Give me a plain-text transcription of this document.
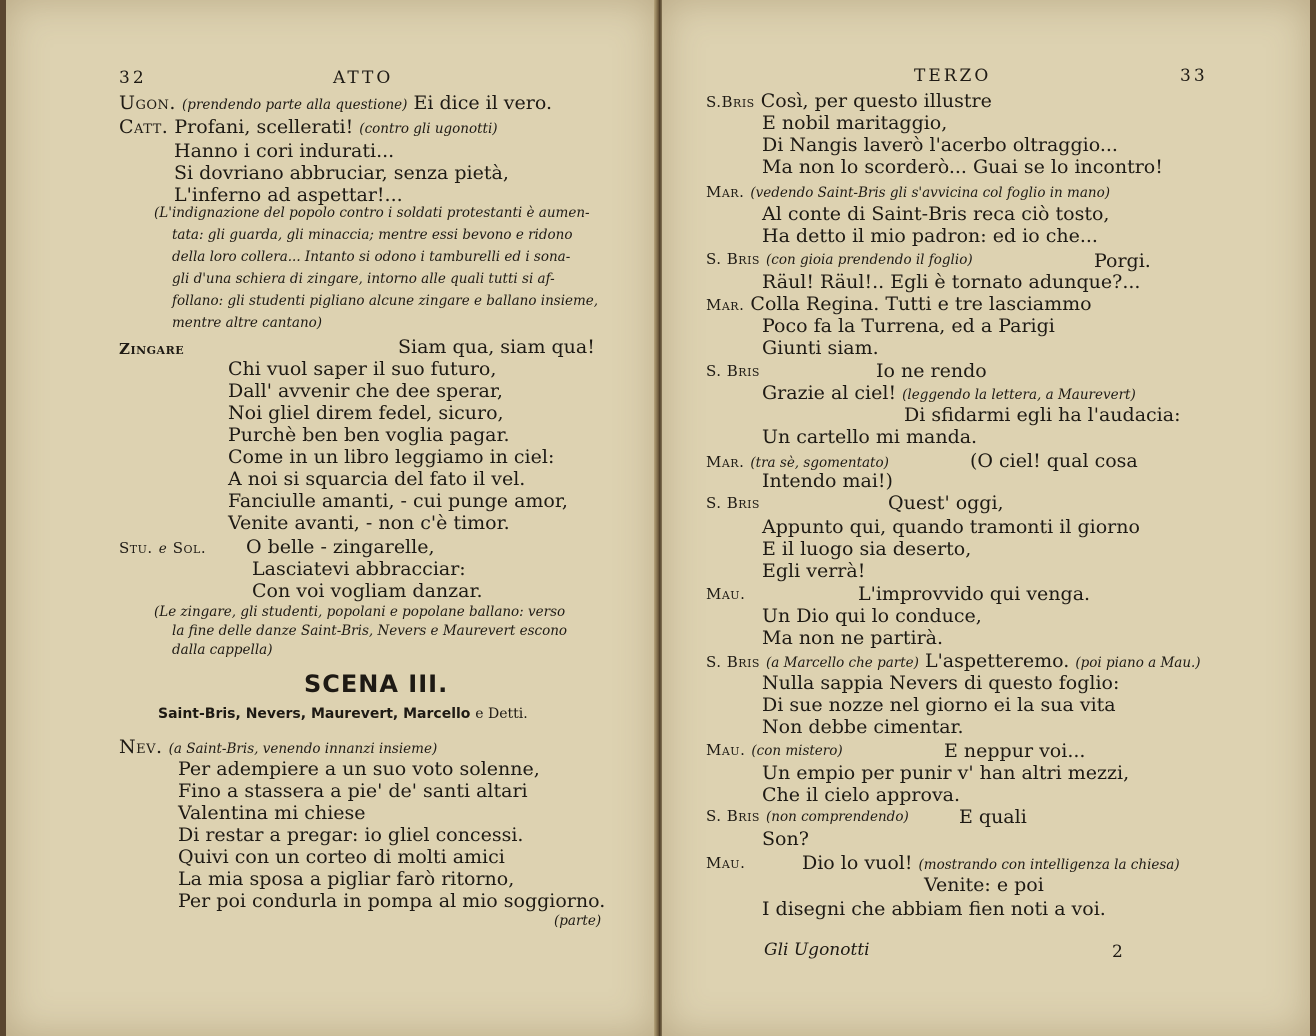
32	ATTO
Ugon. (prendendo parte alla questione) Ei dice il vero.
Catt. Profani, scellerati! (contro gli ugonotti)
Hanno i cori indurati...
Si dovriano abbruciar, senza pietà,
L'inferno ad aspettar!...
(L'indignazione del popolo contro i soldati protestanti è aumen-
tata: gli guarda, gli minaccia; mentre essi bevono e ridono
della loro collera... Intanto si odono i tamburelli ed i sona-
gli d'una schiera di zingare, intorno alle quali tutti si af-
follano: gli studenti pigliano alcune zingare e ballano insieme,
mentre altre cantano)
Zingare	Siam qua, siam qua!
Chi vuol saper il suo futuro,
Dall' avvenir che dee sperar,
Noi gliel direm fedel, sicuro,
Purchè ben ben voglia pagar.
Come in un libro leggiamo in ciel:
A noi si squarcia del fato il vel.
Fanciulle amanti, - cui punge amor,
Venite avanti, - non c'è timor.
Stu. e Sol. O belle - zingarelle,
Lasciatevi abbracciar:
Con voi vogliam danzar.
(Le zingare, gli studenti, popolani e popolane ballano: verso
la fine delle danze Saint-Bris, Nevers e Maurevert escono
dalla cappella)
SCENA III.
Saint-Bris, Nevers, Maurevert, Marcello e Detti.
Nev. (a Saint-Bris, venendo innanzi insieme)
Per adempiere a un suo voto solenne,
Fino a stassera a pie' de' santi altari
Valentina mi chiese
Di restar a pregar: io gliel concessi.
Quivi con un corteo di molti amici
La mia sposa a pigliar farò ritorno,
Per poi condurla in pompa al mio soggiorno.
(parte)
TERZO	33
S.Bris Così, per questo illustre
E nobil maritaggio,
Di Nangis laverò l'acerbo oltraggio...
Ma non lo scorderò... Guai se lo incontro!
Mar. (vedendo Saint-Bris gli s'avvicina col foglio in mano)
Al conte di Saint-Bris reca ciò tosto,
Ha detto il mio padron: ed io che...
S. Bris (con gioia prendendo il foglio)	Porgi.
Räul! Räul!.. Egli è tornato adunque?...
Mar. Colla Regina. Tutti e tre lasciammo
Poco fa la Turrena, ed a Parigi
Giunti siam.
S. Bris	Io ne rendo
Grazie al ciel! (leggendo la lettera, a Maurevert)
Di sfidarmi egli ha l'audacia:
Un cartello mi manda.
Mar. (tra sè, sgomentato)	(O ciel! qual cosa
Intendo mai!)
S. Bris	Quest' oggi,
Appunto qui, quando tramonti il giorno
E il luogo sia deserto,
Egli verrà!
Mau.	L'improvvido qui venga.
Un Dio qui lo conduce,
Ma non ne partirà.
S. Bris (a Marcello che parte) L'aspetteremo. (poi piano a Mau.)
Nulla sappia Nevers di questo foglio:
Di sue nozze nel giorno ei la sua vita
Non debbe cimentar.
Mau. (con mistero)	E neppur voi...
Un empio per punir v' han altri mezzi,
Che il cielo approva.
S. Bris (non comprendendo)	E quali
Son?
Mau.	Dio lo vuol! (mostrando con intelligenza la chiesa)
Venite: e poi
I disegni che abbiam fien noti a voi.
Gli Ugonotti	2
